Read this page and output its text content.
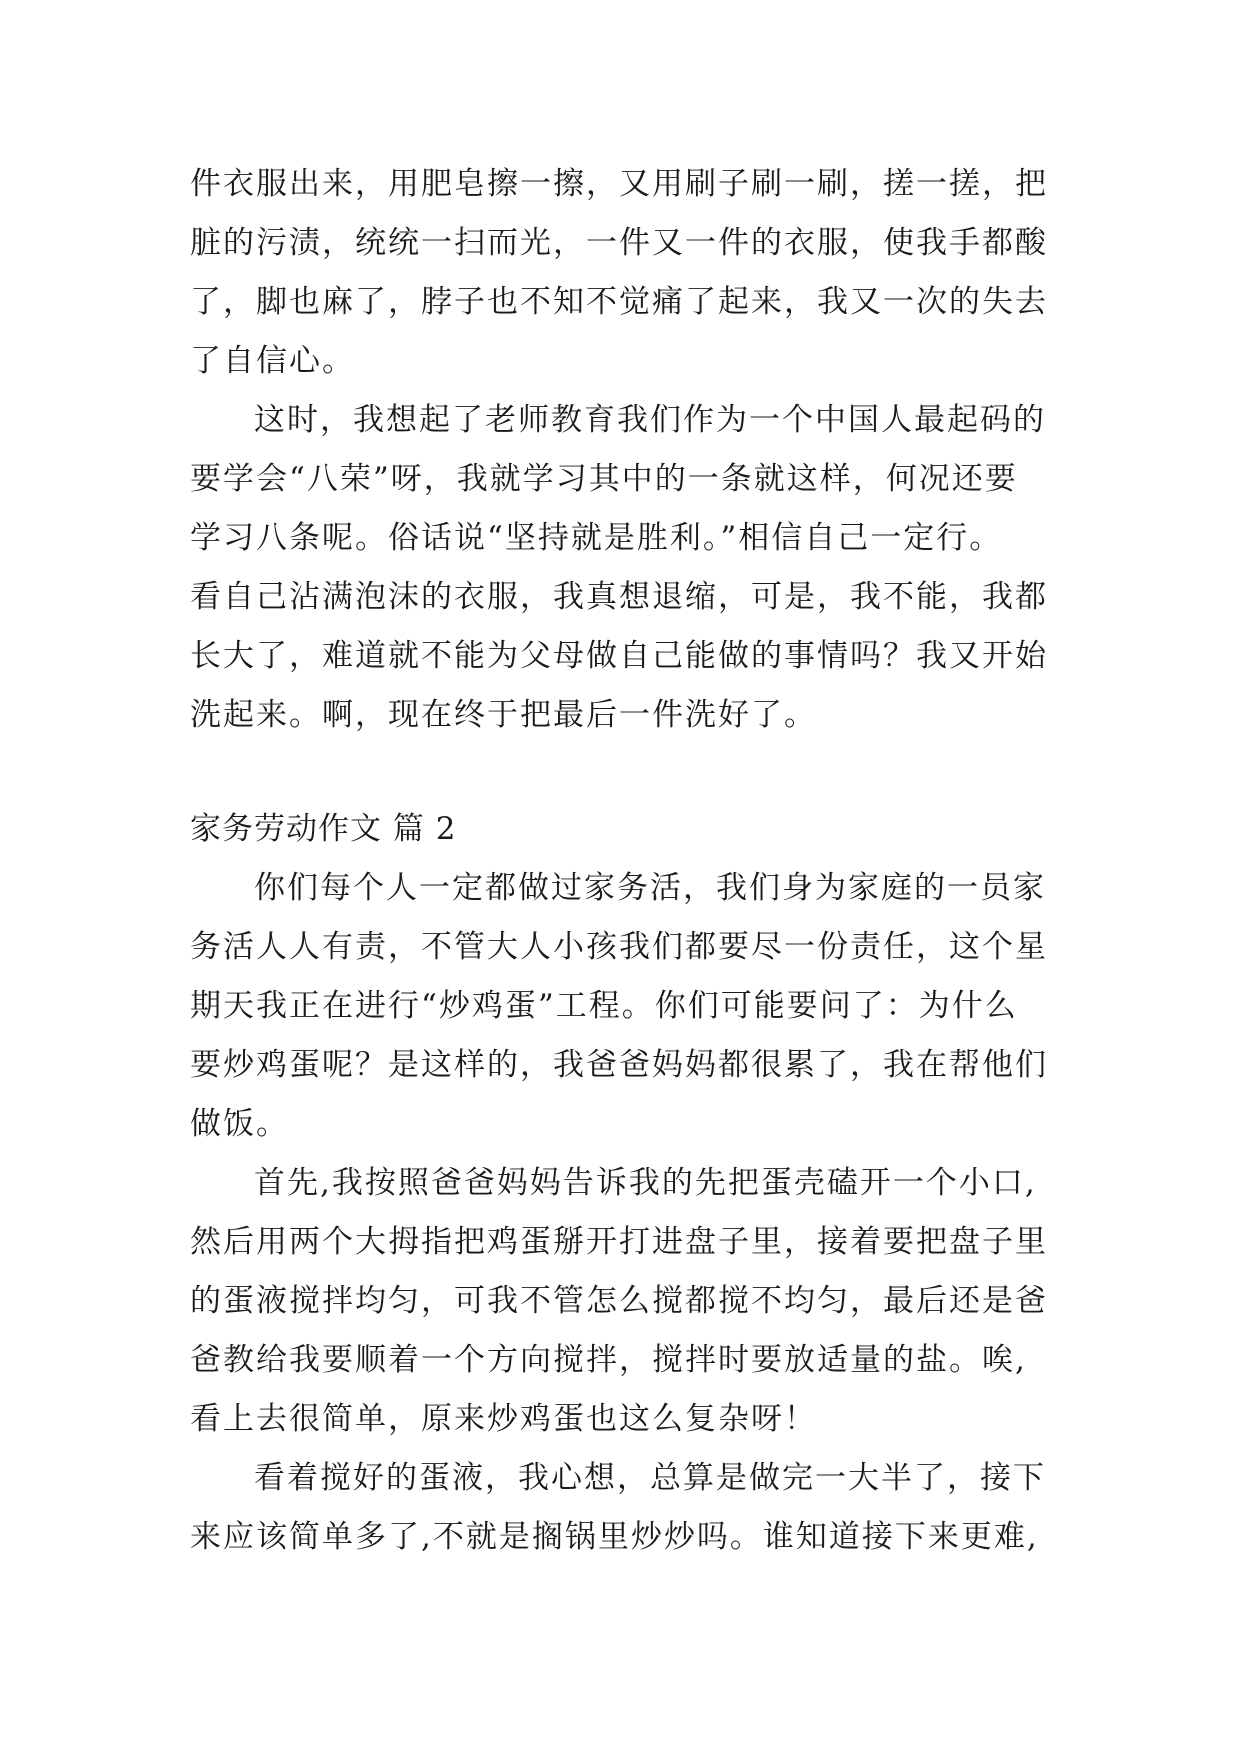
件衣服出来，用肥皂擦一擦，又用刷子刷一刷，搓一搓，把
脏的污渍，统统一扫而光，一件又一件的衣服，使我手都酸
了，脚也麻了，脖子也不知不觉痛了起来，我又一次的失去
了自信心。
这时，我想起了老师教育我们作为一个中国人最起码的
要学会“八荣”呀，我就学习其中的一条就这样，何况还要
学习八条呢。俗话说“坚持就是胜利。”相信自己一定行。
看自己沾满泡沫的衣服，我真想退缩，可是，我不能，我都
长大了，难道就不能为父母做自己能做的事情吗？我又开始
洗起来。啊，现在终于把最后一件洗好了。
家务劳动作文 篇 2
你们每个人一定都做过家务活，我们身为家庭的一员家
务活人人有责，不管大人小孩我们都要尽一份责任，这个星
期天我正在进行“炒鸡蛋”工程。你们可能要问了：为什么
要炒鸡蛋呢？是这样的，我爸爸妈妈都很累了，我在帮他们
做饭。
首先,我按照爸爸妈妈告诉我的先把蛋壳磕开一个小口,
然后用两个大拇指把鸡蛋掰开打进盘子里，接着要把盘子里
的蛋液搅拌均匀，可我不管怎么搅都搅不均匀，最后还是爸
爸教给我要顺着一个方向搅拌，搅拌时要放适量的盐。唉,
看上去很简单，原来炒鸡蛋也这么复杂呀！
看着搅好的蛋液，我心想，总算是做完一大半了，接下
来应该简单多了,不就是搁锅里炒炒吗。谁知道接下来更难,
